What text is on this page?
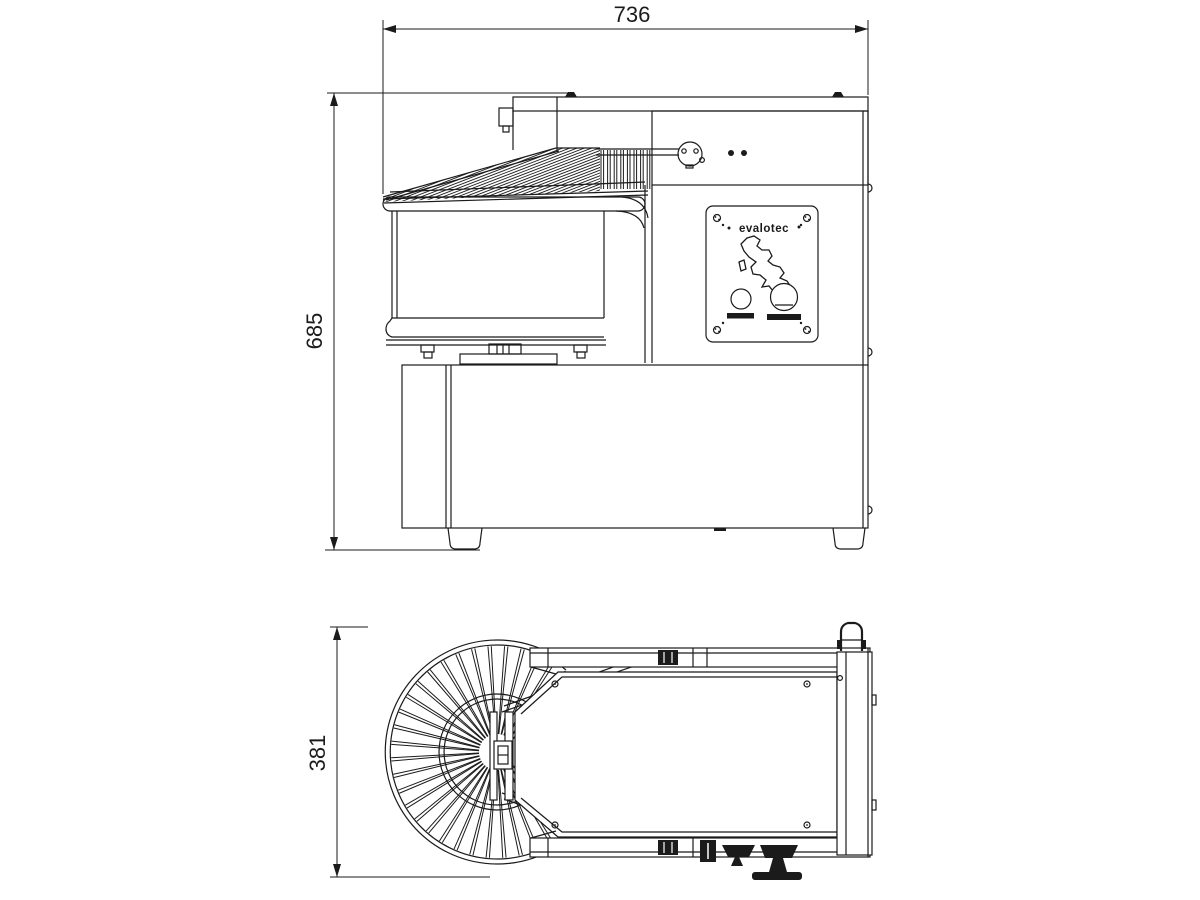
736
685
evalotec
381
